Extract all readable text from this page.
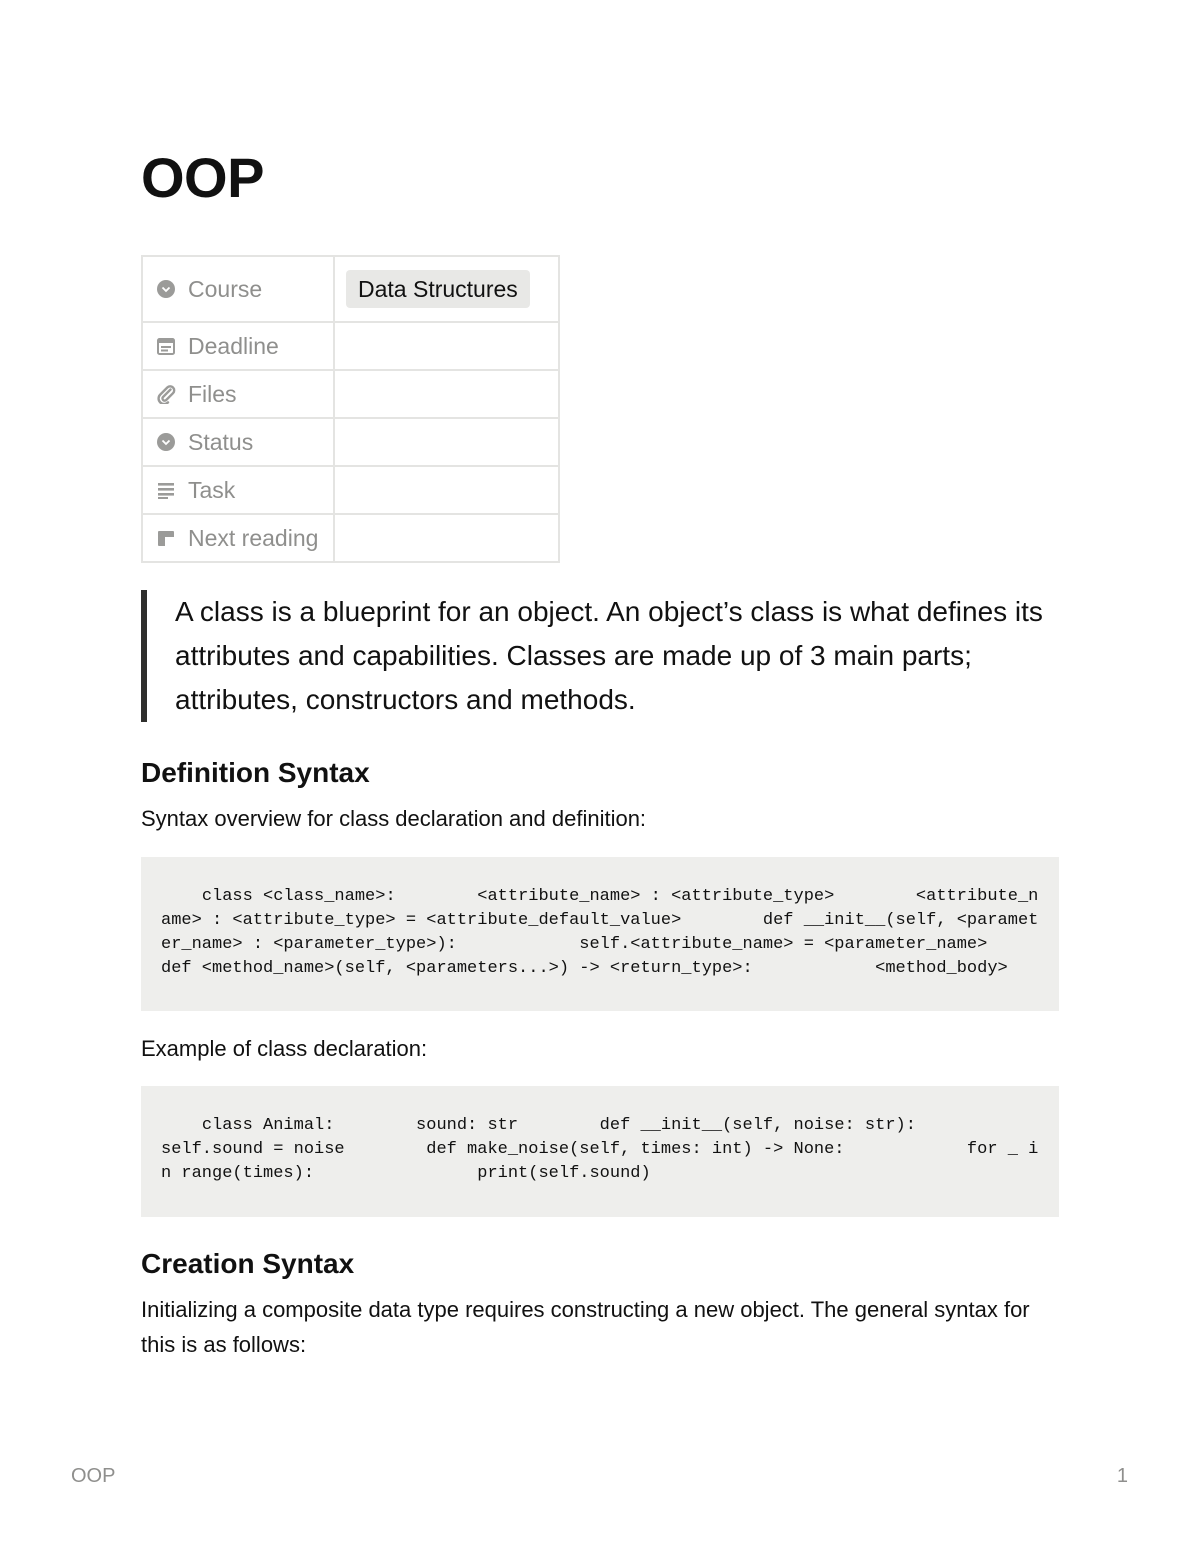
OOP
Course	Data Structures

Deadline	

Files	

Status	

Task	

Next reading	

A class is a blueprint for an object. An object’s class is what defines its attributes and capabilities. Classes are made up of 3 main parts; attributes, constructors and methods.

Definition Syntax

Syntax overview for class declaration and definition:

class <class_name>:        <attribute_name> : <attribute_type>        <attribute_name> : <attribute_type> = <attribute_default_value>        def __init__(self, <parameter_name> : <parameter_type>):            self.<attribute_name> = <parameter_name>        def <method_name>(self, <parameters...>) -> <return_type>:            <method_body>

Example of class declaration:

class Animal:        sound: str        def __init__(self, noise: str):            self.sound = noise        def make_noise(self, times: int) -> None:            for _ in range(times):                print(self.sound)
Creation Syntax

Initializing a composite data type requires constructing a new object. The general syntax for this is as follows:

OOP	1
